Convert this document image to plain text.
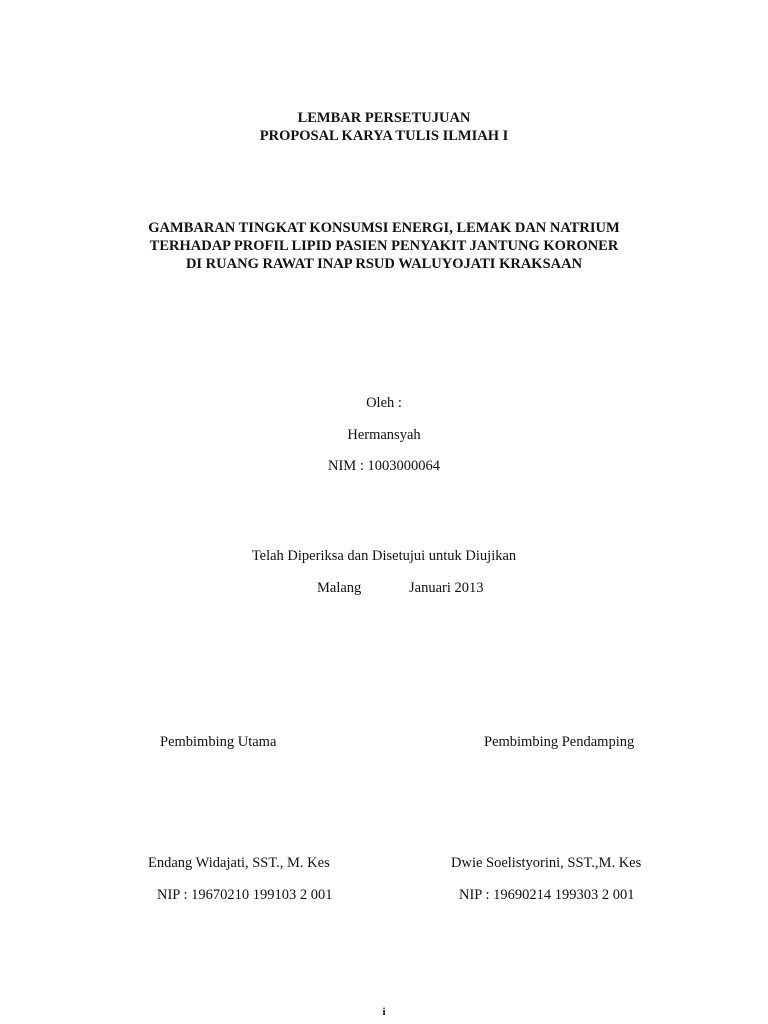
LEMBAR PERSETUJUAN
PROPOSAL KARYA TULIS ILMIAH I
GAMBARAN TINGKAT KONSUMSI ENERGI, LEMAK DAN NATRIUM
TERHADAP PROFIL LIPID PASIEN PENYAKIT JANTUNG KORONER
DI RUANG RAWAT INAP RSUD WALUYOJATI KRAKSAAN
Oleh :
Hermansyah
NIM : 1003000064
Telah Diperiksa dan Disetujui untuk Diujikan
Malang	Januari 2013
Pembimbing Utama	Pembimbing Pendamping
Endang Widajati, SST., M. Kes	Dwie Soelistyorini, SST.,M. Kes
NIP : 19670210 199103 2 001	NIP : 19690214 199303 2 001
i
